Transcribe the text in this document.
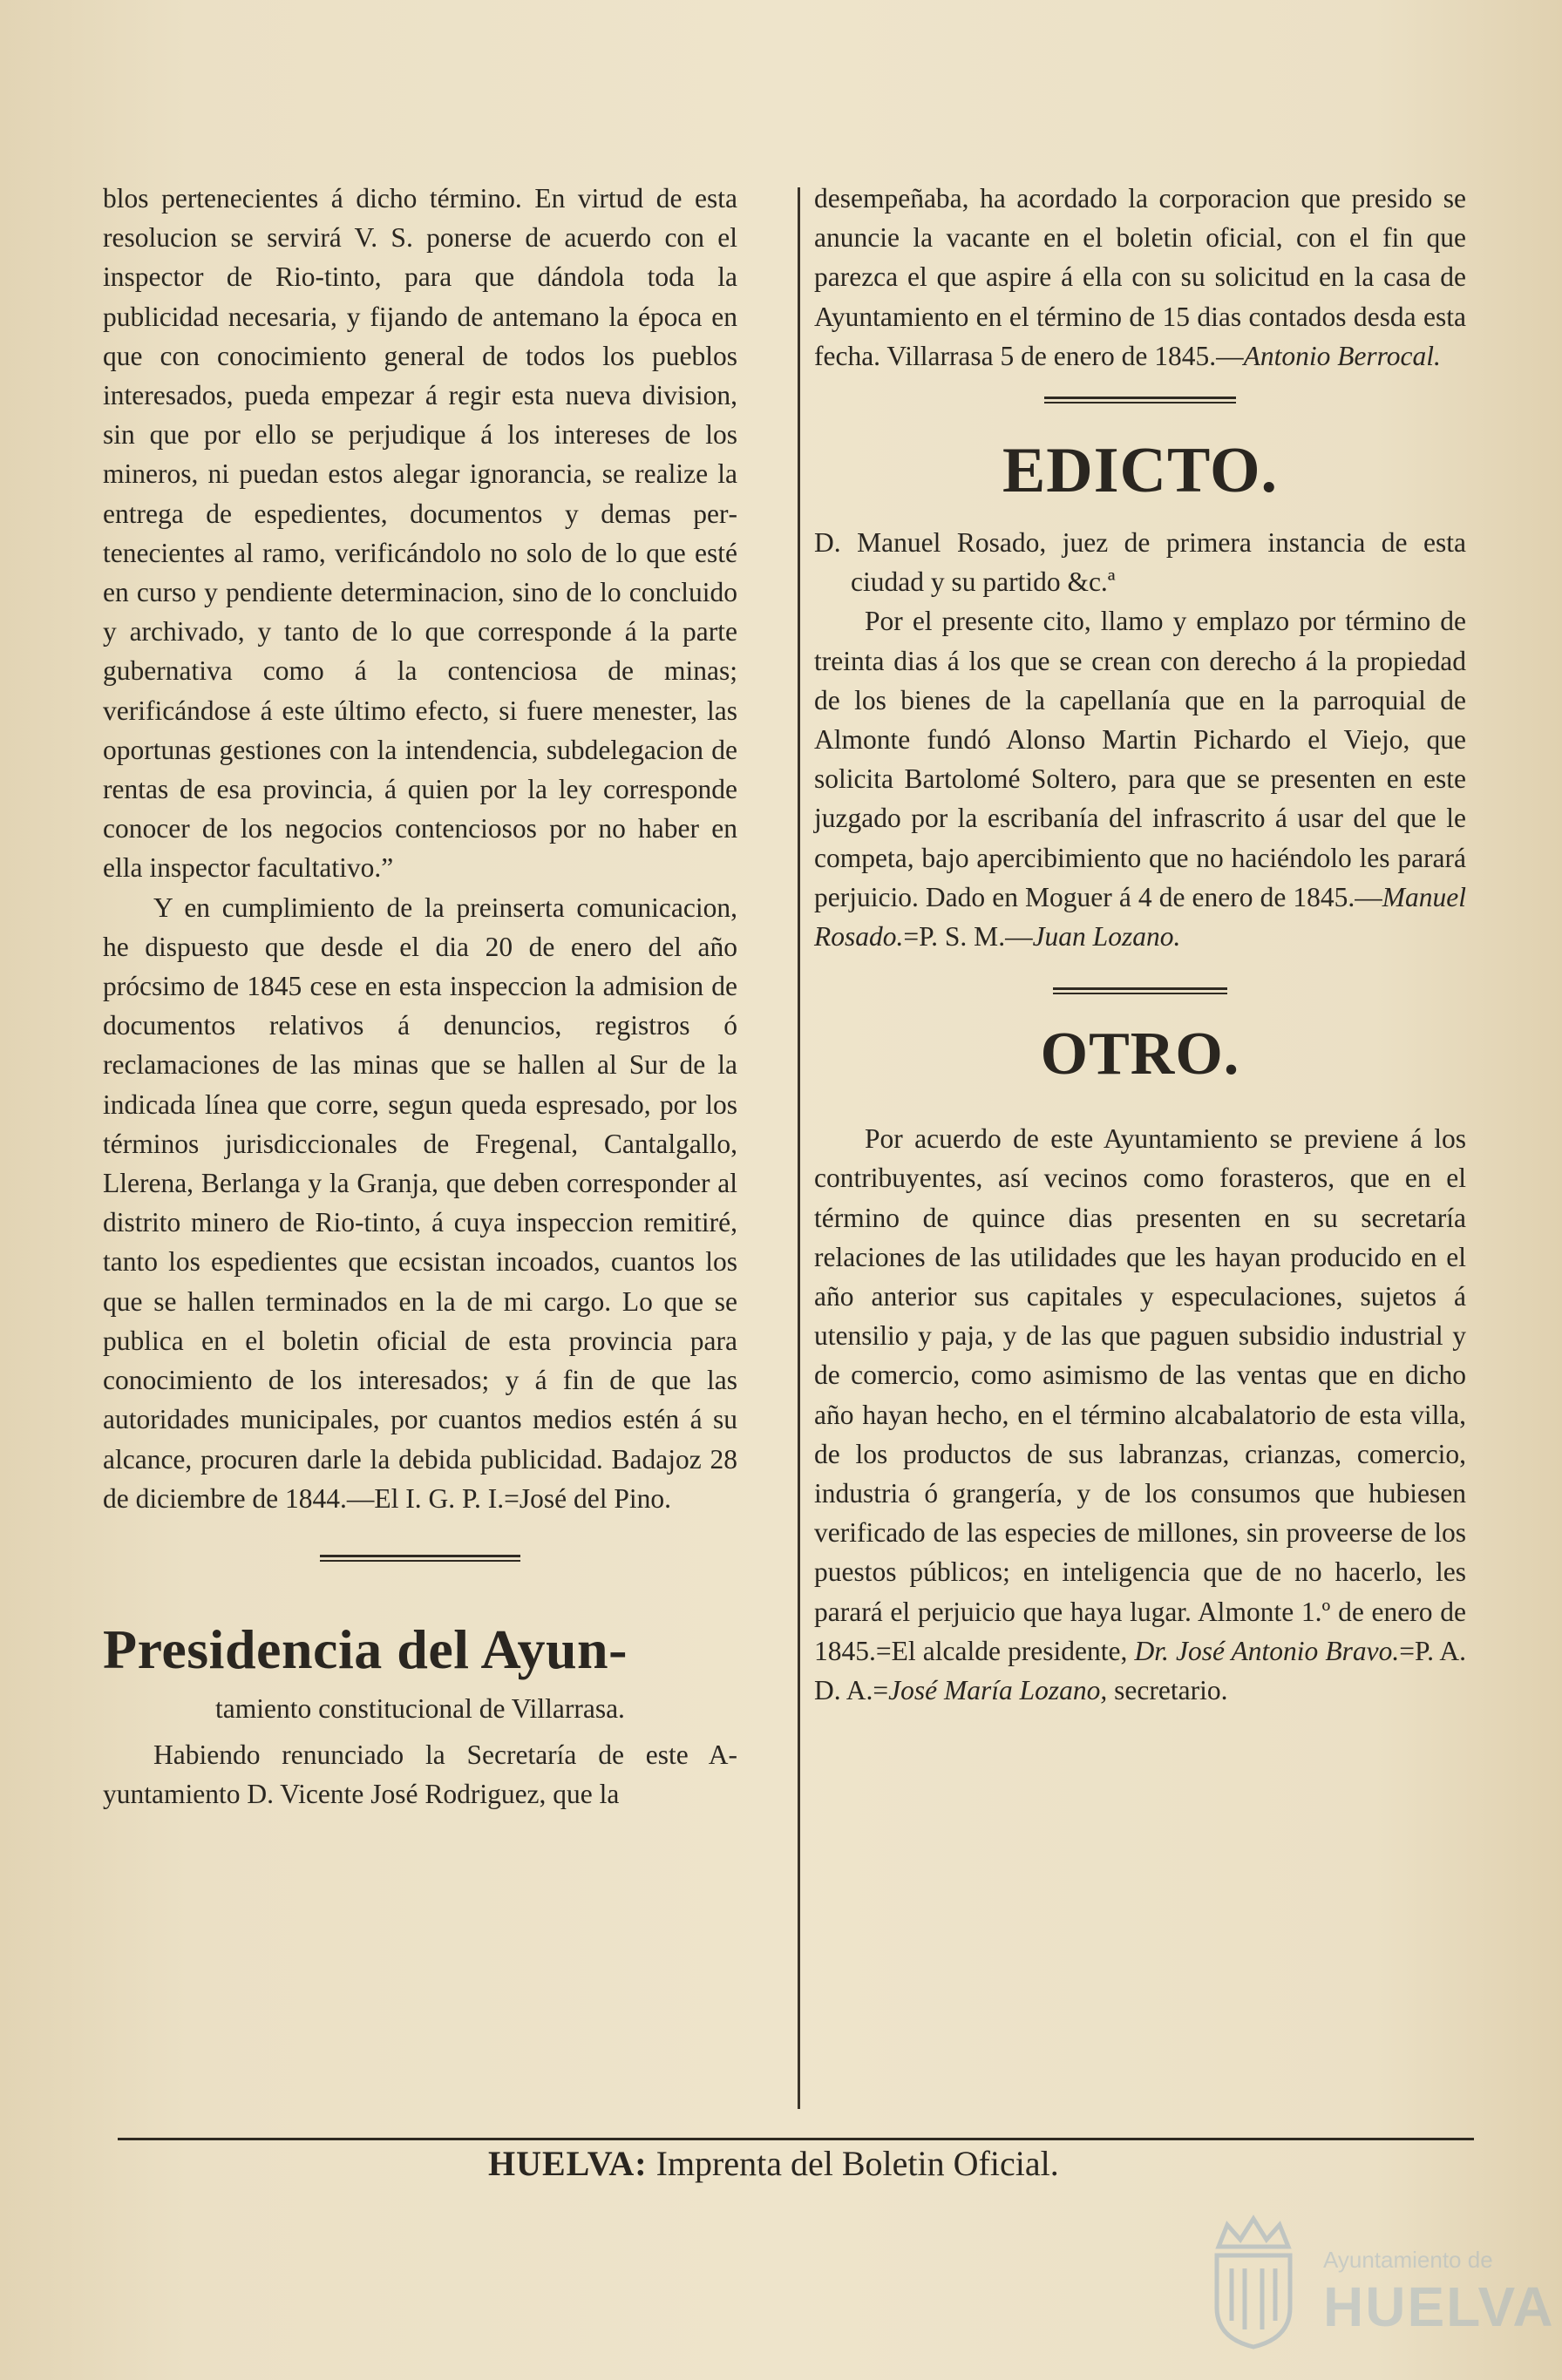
blos pertenecientes á dicho término. En virtud de esta resolucion se servirá V. S. ponerse de acuerdo con el inspector de Rio-tinto, para que dándola toda la publicidad necesaria, y fijando de antemano la época en que con conocimiento general de todos los pueblos interesados, pueda empezar á regir esta nueva division, sin que por ello se perjudique á los intereses de los mineros, ni puedan estos alegar ignorancia, se realize la entrega de espedientes, documentos y demas pertenecientes al ramo, verificándolo no solo de lo que esté en curso y pendiente determinacion, sino de lo concluido y archivado, y tanto de lo que corresponde á la parte gubernativa como á la contenciosa de minas; verificándose á este último efecto, si fuere menester, las oportunas gestiones con la intendencia, subdelegacion de rentas de esa provincia, á quien por la ley corresponde conocer de los negocios contenciosos por no haber en ella inspector facultativo.”

Y en cumplimiento de la preinserta comunicacion, he dispuesto que desde el dia 20 de enero del año prócsimo de 1845 cese en esta inspeccion la admision de documentos relativos á denuncios, registros ó reclamaciones de las minas que se hallen al Sur de la indicada línea que corre, segun queda espresado, por los términos jurisdiccionales de Fregenal, Cantalgallo, Llerena, Berlanga y la Granja, que deben corresponder al distrito minero de Rio-tinto, á cuya inspeccion remitiré, tanto los espedientes que ecsistan incoados, cuantos los que se hallen terminados en la de mi cargo. Lo que se publica en el boletin oficial de esta provincia para conocimiento de los interesados; y á fin de que las autoridades municipales, por cuantos medios estén á su alcance, procuren darle la debida publicidad. Badajoz 28 de diciembre de 1844.—El I. G. P. I.=José del Pino.

Presidencia del Ayun-

tamiento constitucional de Villarrasa.

Habiendo renunciado la Secretaría de este Ayuntamiento D. Vicente José Rodriguez, que la

desempeñaba, ha acordado la corporacion que presido se anuncie la vacante en el boletin oficial, con el fin que parezca el que aspire á ella con su solicitud en la casa de Ayuntamiento en el término de 15 dias contados desda esta fecha. Villarrasa 5 de enero de 1845.—Antonio Berrocal.

EDICTO.

D. Manuel Rosado, juez de primera instancia de esta ciudad y su partido &c.ª

Por el presente cito, llamo y emplazo por término de treinta dias á los que se crean con derecho á la propiedad de los bienes de la capellanía que en la parroquial de Almonte fundó Alonso Martin Pichardo el Viejo, que solicita Bartolomé Soltero, para que se presenten en este juzgado por la escribanía del infrascrito á usar del que le competa, bajo apercibimiento que no haciéndolo les parará perjuicio. Dado en Moguer á 4 de enero de 1845.—Manuel Rosado.=P. S. M.—Juan Lozano.

OTRO.

Por acuerdo de este Ayuntamiento se previene á los contribuyentes, así vecinos como forasteros, que en el término de quince dias presenten en su secretaría relaciones de las utilidades que les hayan producido en el año anterior sus capitales y especulaciones, sujetos á utensilio y paja, y de las que paguen subsidio industrial y de comercio, como asimismo de las ventas que en dicho año hayan hecho, en el término alcabalatorio de esta villa, de los productos de sus labranzas, crianzas, comercio, industria ó grangería, y de los consumos que hubiesen verificado de las especies de millones, sin proveerse de los puestos públicos; en inteligencia que de no hacerlo, les parará el perjuicio que haya lugar. Almonte 1.º de enero de 1845.=El alcalde presidente, Dr. José Antonio Bravo.=P. A. D. A.=José María Lozano, secretario.

HUELVA: Imprenta del Boletin Oficial.
Ayuntamiento de
HUELVA
